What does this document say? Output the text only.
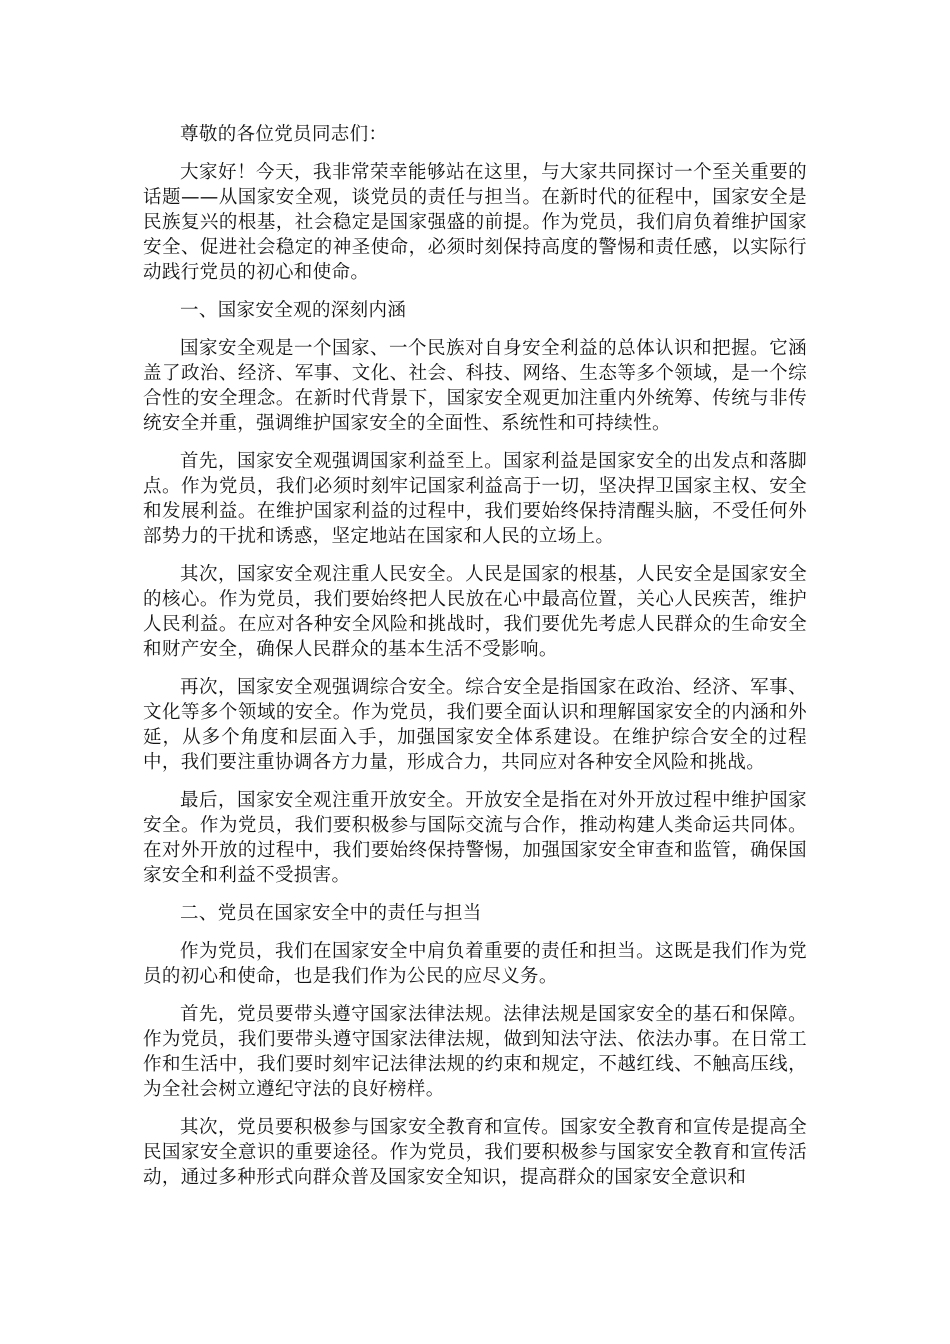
尊敬的各位党员同志们：

大家好！今天，我非常荣幸能够站在这里，与大家共同探讨一个至关重要的话题——从国家安全观，谈党员的责任与担当。在新时代的征程中，国家安全是民族复兴的根基，社会稳定是国家强盛的前提。作为党员，我们肩负着维护国家安全、促进社会稳定的神圣使命，必须时刻保持高度的警惕和责任感，以实际行动践行党员的初心和使命。

一、国家安全观的深刻内涵

国家安全观是一个国家、一个民族对自身安全利益的总体认识和把握。它涵盖了政治、经济、军事、文化、社会、科技、网络、生态等多个领域，是一个综合性的安全理念。在新时代背景下，国家安全观更加注重内外统筹、传统与非传统安全并重，强调维护国家安全的全面性、系统性和可持续性。

首先，国家安全观强调国家利益至上。国家利益是国家安全的出发点和落脚点。作为党员，我们必须时刻牢记国家利益高于一切，坚决捍卫国家主权、安全和发展利益。在维护国家利益的过程中，我们要始终保持清醒头脑，不受任何外部势力的干扰和诱惑，坚定地站在国家和人民的立场上。

其次，国家安全观注重人民安全。人民是国家的根基，人民安全是国家安全的核心。作为党员，我们要始终把人民放在心中最高位置，关心人民疾苦，维护人民利益。在应对各种安全风险和挑战时，我们要优先考虑人民群众的生命安全和财产安全，确保人民群众的基本生活不受影响。

再次，国家安全观强调综合安全。综合安全是指国家在政治、经济、军事、文化等多个领域的安全。作为党员，我们要全面认识和理解国家安全的内涵和外延，从多个角度和层面入手，加强国家安全体系建设。在维护综合安全的过程中，我们要注重协调各方力量，形成合力，共同应对各种安全风险和挑战。

最后，国家安全观注重开放安全。开放安全是指在对外开放过程中维护国家安全。作为党员，我们要积极参与国际交流与合作，推动构建人类命运共同体。在对外开放的过程中，我们要始终保持警惕，加强国家安全审查和监管，确保国家安全和利益不受损害。

二、党员在国家安全中的责任与担当

作为党员，我们在国家安全中肩负着重要的责任和担当。这既是我们作为党员的初心和使命，也是我们作为公民的应尽义务。

首先，党员要带头遵守国家法律法规。法律法规是国家安全的基石和保障。作为党员，我们要带头遵守国家法律法规，做到知法守法、依法办事。在日常工作和生活中，我们要时刻牢记法律法规的约束和规定，不越红线、不触高压线，为全社会树立遵纪守法的良好榜样。

其次，党员要积极参与国家安全教育和宣传。国家安全教育和宣传是提高全民国家安全意识的重要途径。作为党员，我们要积极参与国家安全教育和宣传活动，通过多种形式向群众普及国家安全知识，提高群众的国家安全意识和
